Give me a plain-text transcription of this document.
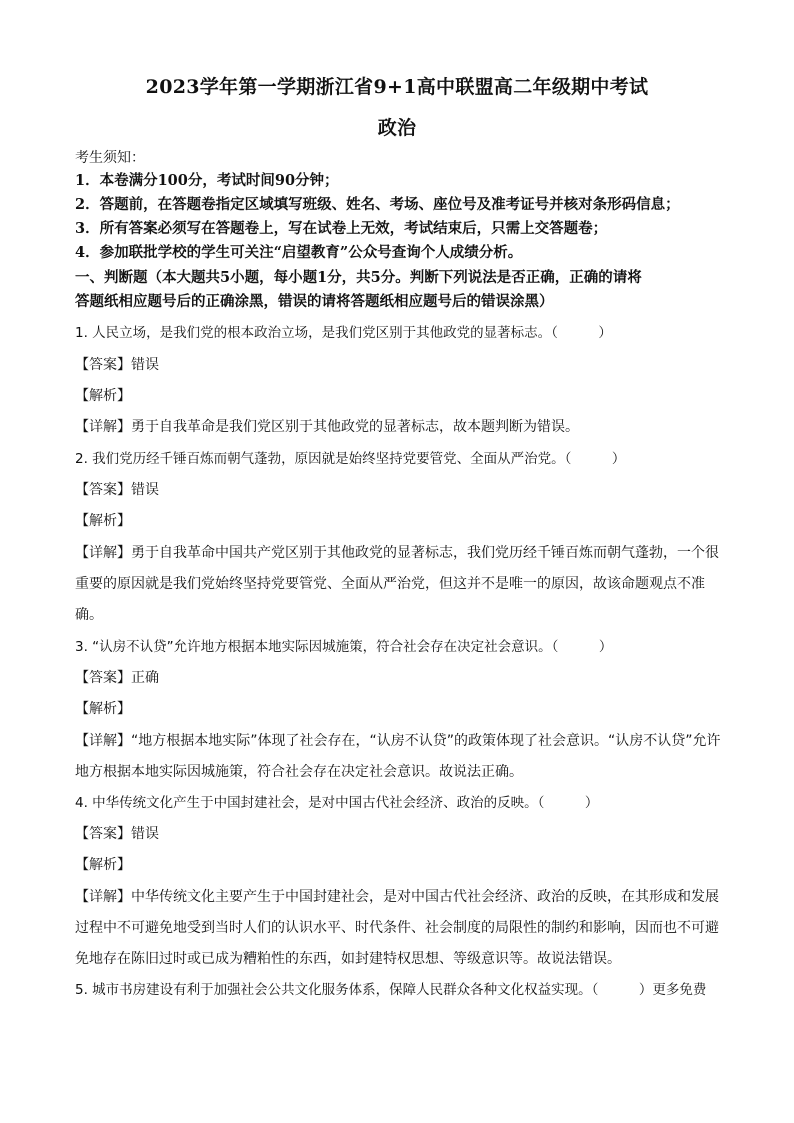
2023学年第一学期浙江省9+1高中联盟高二年级期中考试
政治
考生须知：
1．本卷满分100分，考试时间90分钟；
2．答题前，在答题卷指定区域填写班级、姓名、考场、座位号及准考证号并核对条形码信息；
3．所有答案必须写在答题卷上，写在试卷上无效，考试结束后，只需上交答题卷；
4．参加联批学校的学生可关注“启望教育”公众号查询个人成绩分析。
一、判断题（本大题共5小题，每小题1分，共5分。判断下列说法是否正确，正确的请将
答题纸相应题号后的正确涂黑，错误的请将答题纸相应题号后的错误涂黑）
1. 人民立场，是我们党的根本政治立场，是我们党区别于其他政党的显著标志。（　　　）
【答案】错误
【解析】
【详解】勇于自我革命是我们党区别于其他政党的显著标志，故本题判断为错误。
2. 我们党历经千锤百炼而朝气蓬勃，原因就是始终坚持党要管党、全面从严治党。（　　　）
【答案】错误
【解析】
【详解】勇于自我革命中国共产党区别于其他政党的显著标志，我们党历经千锤百炼而朝气蓬勃，一个很
重要的原因就是我们党始终坚持党要管党、全面从严治党，但这并不是唯一的原因，故该命题观点不准
确。
3. “认房不认贷”允许地方根据本地实际因城施策，符合社会存在决定社会意识。（　　　）
【答案】正确
【解析】
【详解】“地方根据本地实际”体现了社会存在，“认房不认贷”的政策体现了社会意识。“认房不认贷”允许
地方根据本地实际因城施策，符合社会存在决定社会意识。故说法正确。
4. 中华传统文化产生于中国封建社会，是对中国古代社会经济、政治的反映。（　　　）
【答案】错误
【解析】
【详解】中华传统文化主要产生于中国封建社会，是对中国古代社会经济、政治的反映，在其形成和发展
过程中不可避免地受到当时人们的认识水平、时代条件、社会制度的局限性的制约和影响，因而也不可避
免地存在陈旧过时或已成为糟粕性的东西，如封建特权思想、等级意识等。故说法错误。
5. 城市书房建设有利于加强社会公共文化服务体系，保障人民群众各种文化权益实现。（　　　）更多免费
